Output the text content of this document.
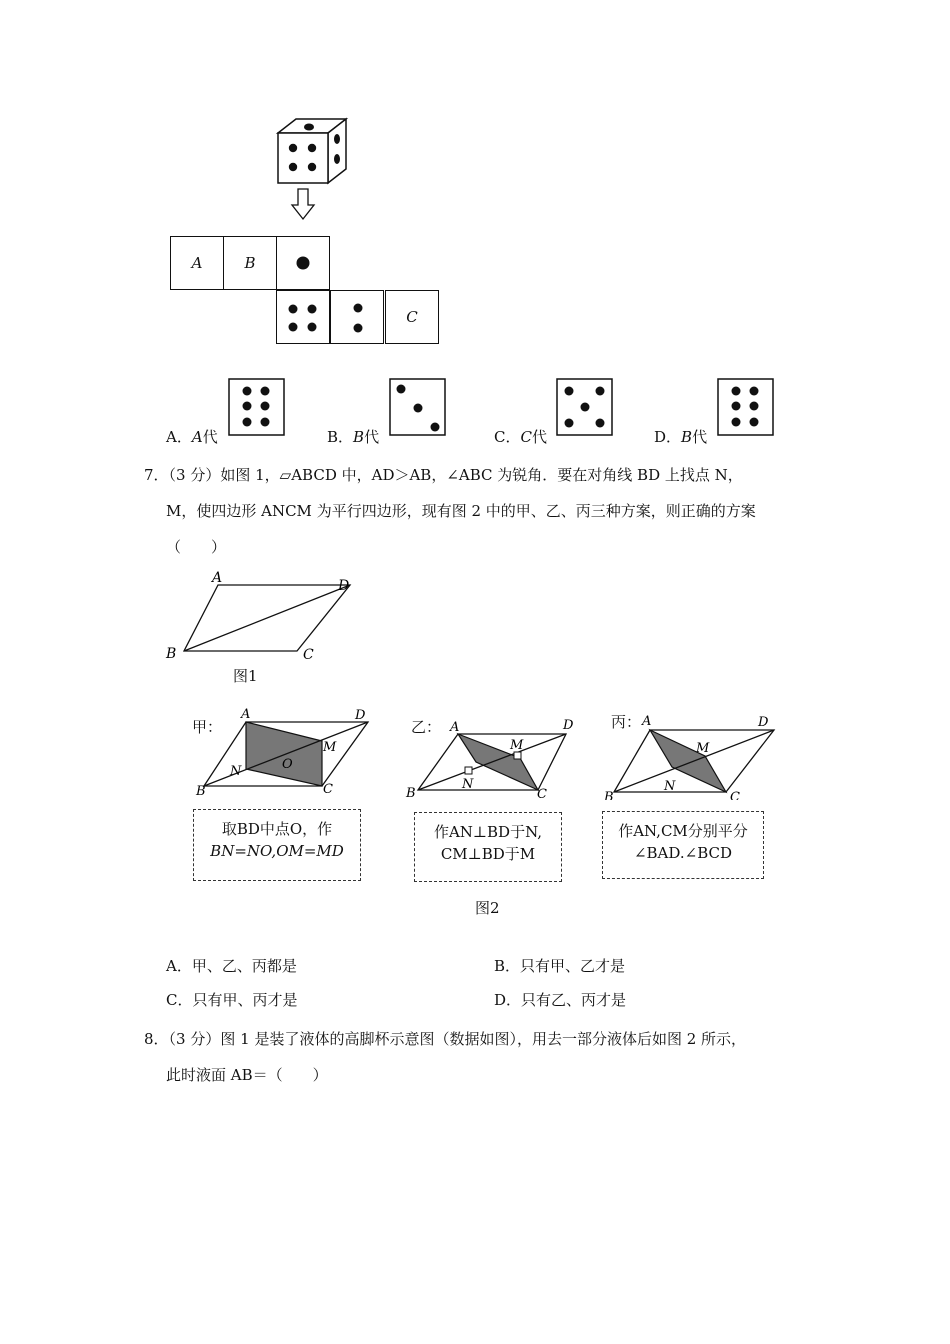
A	B
C
A．A代	B．B代	C．C代	D．B代
7．（3 分）如图 1，▱ABCD 中，AD＞AB，∠ABC 为锐角．要在对角线 BD 上找点 N，
M，使四边形 ANCM 为平行四边形，现有图 2 中的甲、乙、丙三种方案，则正确的方案
（　　）
A	D
B	C
图1
甲：
A	D
B	C
M
N	O
取BD中点O，作
BN=NO,OM=MD
乙： A	D
B	C
M
N
作AN⊥BD于N,
CM⊥BD于M
丙： A	D
B	C
M
N
作AN,CM分别平分
∠BAD.∠BCD
图2
A．甲、乙、丙都是	B．只有甲、乙才是
C．只有甲、丙才是	D．只有乙、丙才是
8．（3 分）图 1 是装了液体的高脚杯示意图（数据如图），用去一部分液体后如图 2 所示，
此时液面 AB＝（　　）
